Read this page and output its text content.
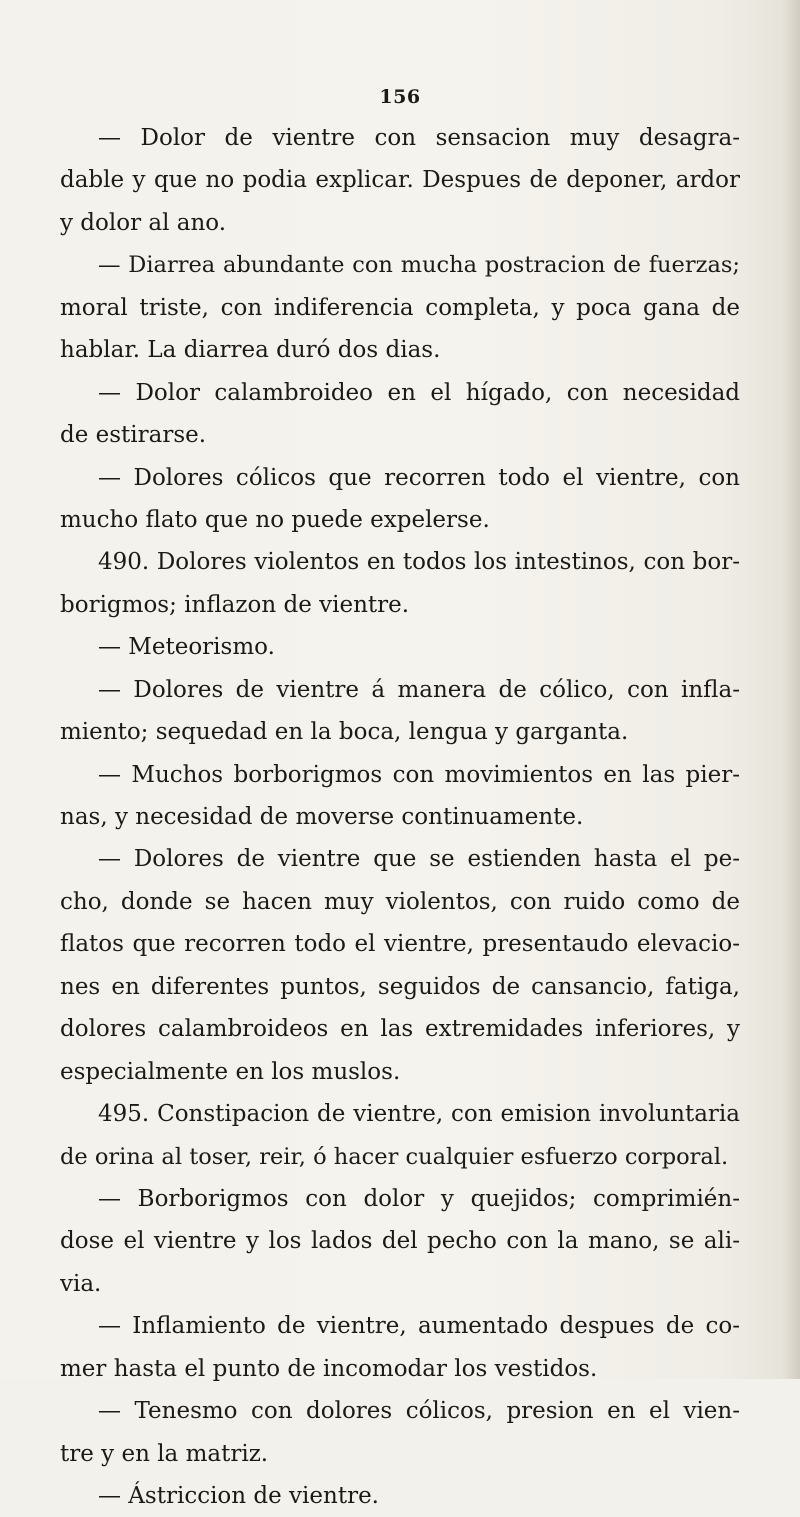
156
— Dolor de vientre con sensacion muy desagra-
dable y que no podia explicar. Despues de deponer, ardor
y dolor al ano.
— Diarrea abundante con mucha postracion de fuerzas;
moral triste, con indiferencia completa, y poca gana de
hablar. La diarrea duró dos dias.
— Dolor calambroideo en el hígado, con necesidad
de estirarse.
— Dolores cólicos que recorren todo el vientre, con
mucho flato que no puede expelerse.
490. Dolores violentos en todos los intestinos, con bor-
borigmos; inflazon de vientre.
— Meteorismo.
— Dolores de vientre á manera de cólico, con infla-
miento; sequedad en la boca, lengua y garganta.
— Muchos borborigmos con movimientos en las pier-
nas, y necesidad de moverse continuamente.
— Dolores de vientre que se estienden hasta el pe-
cho, donde se hacen muy violentos, con ruido como de
flatos que recorren todo el vientre, presentaudo elevacio-
nes en diferentes puntos, seguidos de cansancio, fatiga,
dolores calambroideos en las extremidades inferiores, y
especialmente en los muslos.
495. Constipacion de vientre, con emision involuntaria
de orina al toser, reir, ó hacer cualquier esfuerzo corporal.
— Borborigmos con dolor y quejidos; comprimién-
dose el vientre y los lados del pecho con la mano, se ali-
via.
— Inflamiento de vientre, aumentado despues de co-
mer hasta el punto de incomodar los vestidos.
— Tenesmo con dolores cólicos, presion en el vien-
tre y en la matriz.
— Ástriccion de vientre.
